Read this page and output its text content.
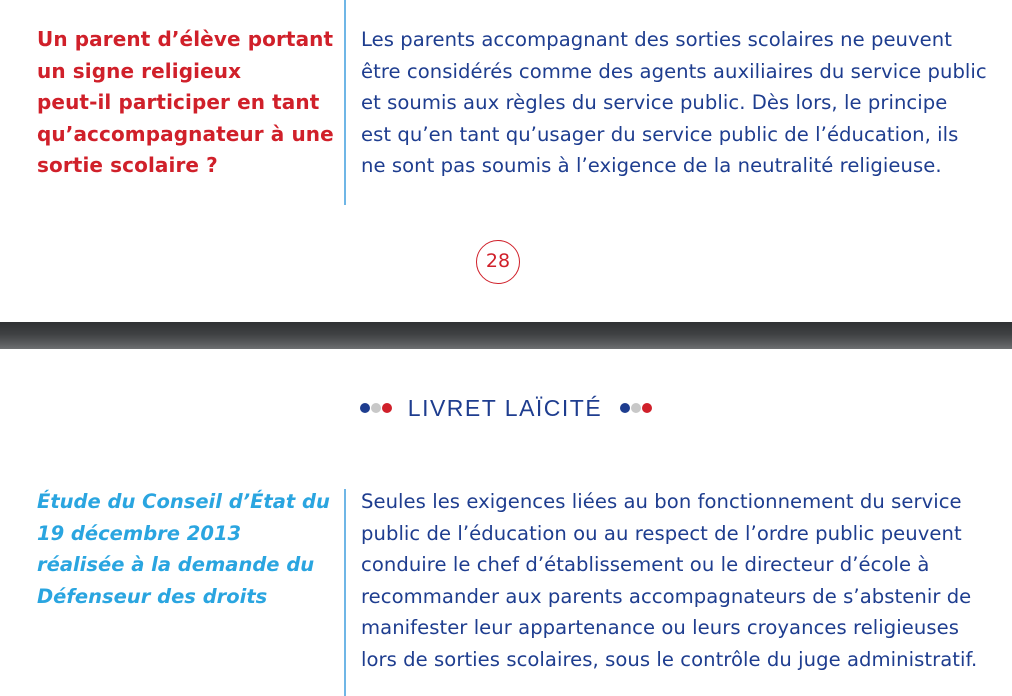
Un parent d’élève portant
un signe religieux
peut-il participer en tant
qu’accompagnateur à une
sortie scolaire ?
Les parents accompagnant des sorties scolaires ne peuvent
être considérés comme des agents auxiliaires du service public
et soumis aux règles du service public. Dès lors, le principe
est qu’en tant qu’usager du service public de l’éducation, ils
ne sont pas soumis à l’exigence de la neutralité religieuse.
28
LIVRET LAÏCITÉ
Étude du Conseil d’État du 19 décembre 2013 réalisée à la demande du Défenseur des droits
Seules les exigences liées au bon fonctionnement du service
public de l’éducation ou au respect de l’ordre public peuvent
conduire le chef d’établissement ou le directeur d’école à
recommander aux parents accompagnateurs de s’abstenir de
manifester leur appartenance ou leurs croyances religieuses
lors de sorties scolaires, sous le contrôle du juge administratif.
